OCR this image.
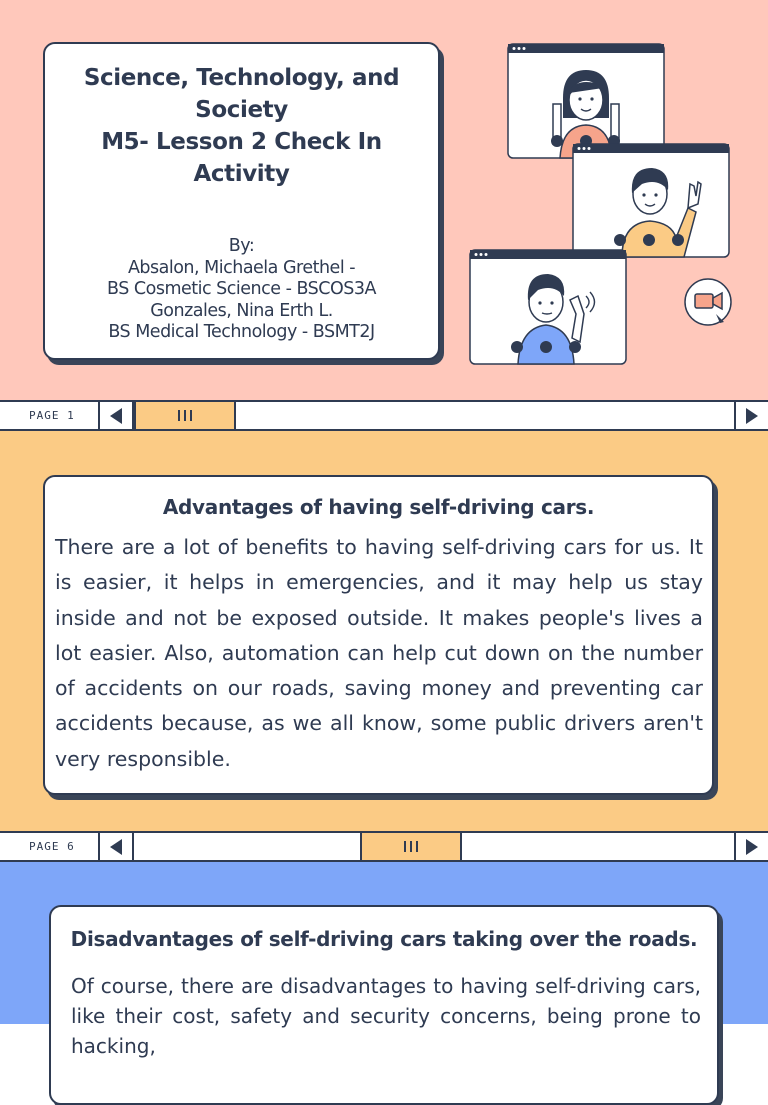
Science, Technology, and
Society
M5- Lesson 2 Check In
Activity
By:
Absalon, Michaela Grethel -
BS Cosmetic Science - BSCOS3A
Gonzales, Nina Erth L.
BS Medical Technology - BSMT2J
PAGE 1
Advantages of having self-driving cars.

There are a lot of benefits to having self-driving cars for us. It is easier, it helps in emergencies, and it may help us stay inside and not be exposed outside. It makes people's lives a lot easier. Also, automation can help cut down on the number of accidents on our roads, saving money and preventing car accidents because, as we all know, some public drivers aren't very responsible.

PAGE 6
Disadvantages of self-driving cars taking over the roads.

Of course, there are disadvantages to having self-driving cars, like their cost, safety and security concerns, being prone to hacking,
